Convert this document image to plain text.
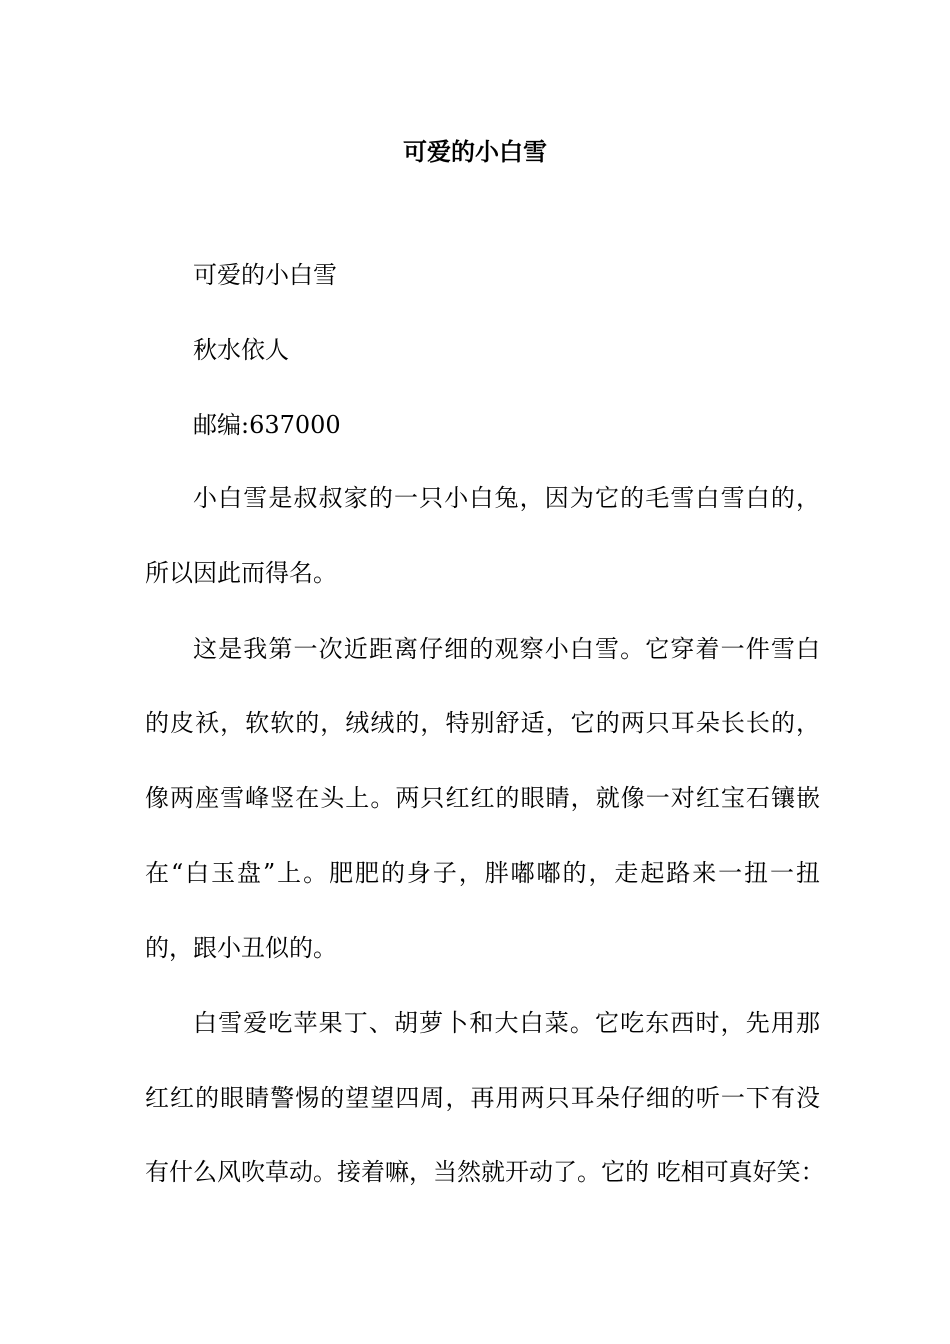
可爱的小白雪
可爱的小白雪
秋水依人
邮编:637000
小白雪是叔叔家的一只小白兔，因为它的毛雪白雪白的，
所以因此而得名。
这是我第一次近距离仔细的观察小白雪。它穿着一件雪白
的皮袄，软软的，绒绒的，特别舒适，它的两只耳朵长长的，
像两座雪峰竖在头上。两只红红的眼睛，就像一对红宝石镶嵌
在“白玉盘”上。肥肥的身子，胖嘟嘟的，走起路来一扭一扭
的，跟小丑似的。
白雪爱吃苹果丁、胡萝卜和大白菜。它吃东西时，先用那
红红的眼睛警惕的望望四周，再用两只耳朵仔细的听一下有没
有什么风吹草动。接着嘛，当然就开动了。它的 吃相可真好笑：
